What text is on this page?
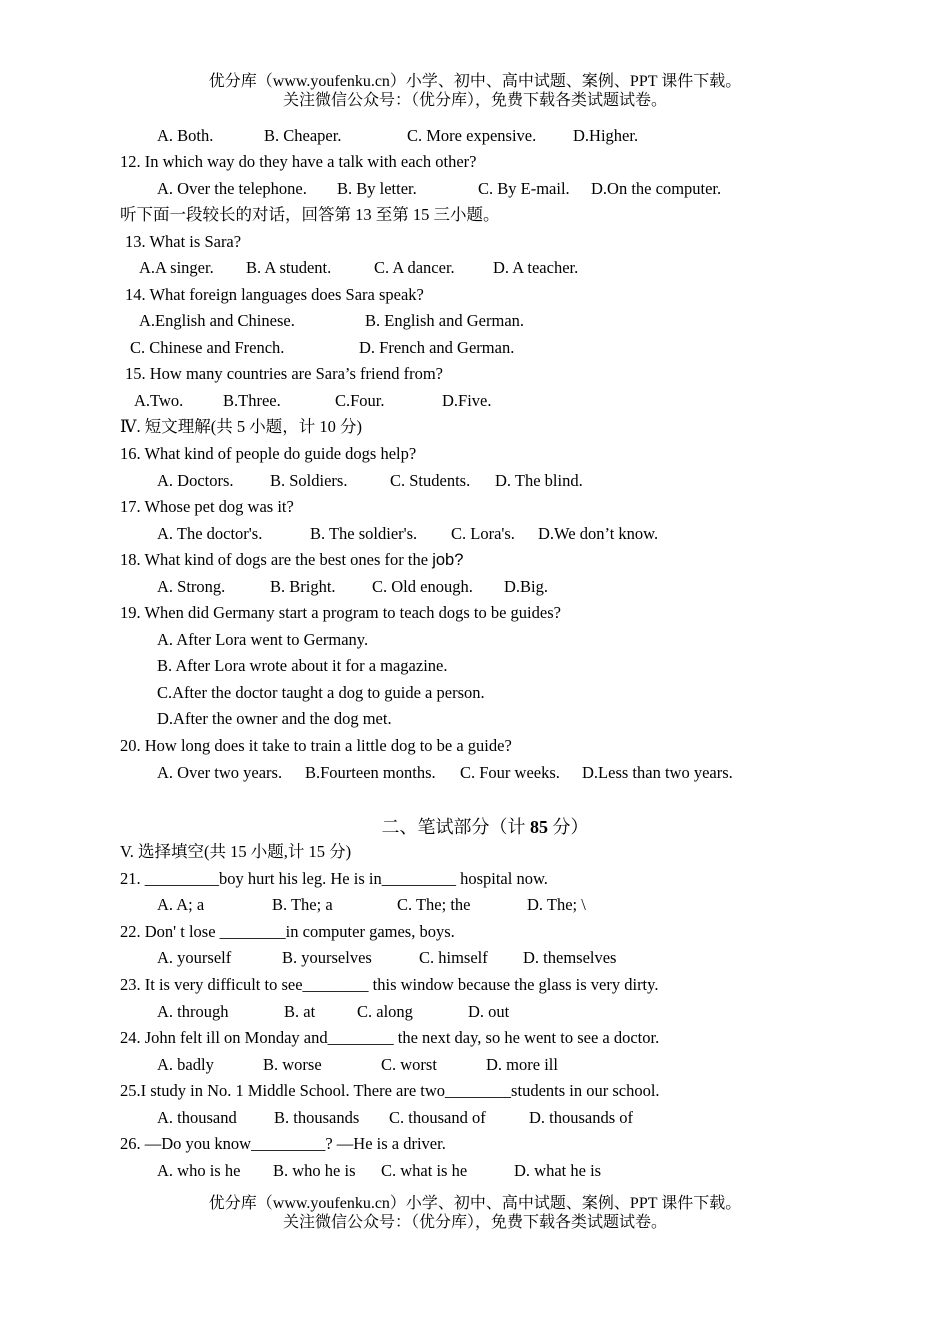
优分库（www.youfenku.cn）小学、初中、高中试题、案例、PPT 课件下载。
关注微信公众号：（优分库），免费下载各类试题试卷。
A. Both.	B. Cheaper.	C. More expensive. D.Higher.
12. In which way do they have a talk with each other?
A. Over the telephone. B. By letter.	C. By E-mail. D.On the computer.
听下面一段较长的对话，回答第 13 至第 15 三小题。
13. What is Sara?
A.A singer. B. A student.	C. A dancer. D. A teacher.
14. What foreign languages does Sara speak?
A.English and Chinese.	B. English and German.
C. Chinese and French.	D. French and German.
15. How many countries are Sara’s friend from?
A.Two. B.Three.	C.Four.	D.Five.
Ⅳ. 短文理解(共 5 小题，计 10 分)
16. What kind of people do guide dogs help?
A. Doctors. B. Soldiers.	C. Students. D. The blind.
17. Whose pet dog was it?
A. The doctor's.	B. The soldier's. C. Lora's. D.We don’t know.
18. What kind of dogs are the best ones for the job?
A. Strong.	B. Bright. C. Old enough. D.Big.
19. When did Germany start a program to teach dogs to be guides?
A. After Lora went to Germany.
B. After Lora wrote about it for a magazine.
C.After the doctor taught a dog to guide a person.
D.After the owner and the dog met.
20. How long does it take to train a little dog to be a guide?
A. Over two years. B.Fourteen months. C. Four weeks. D.Less than two years.
二、笔试部分（计 85 分）
V. 选择填空(共 15 小题,计 15 分)
21. _________boy hurt his leg. He is in_________ hospital now.
A. A; a	B. The; a	C. The; the	D. The; \
22. Don' t lose ________in computer games, boys.
A. yourself	B. yourselves	C. himself D. themselves
23. It is very difficult to see________ this window because the glass is very dirty.
A. through	B. at	C. along	D. out
24. John felt ill on Monday and________ the next day, so he went to see a doctor.
A. badly	B. worse	C. worst	D. more ill
25.I study in No. 1 Middle School. There are two________students in our school.
A. thousand B. thousands C. thousand of	D. thousands of
26. —Do you know_________? —He is a driver.
A. who is he B. who he is C. what is he	D. what he is
优分库（www.youfenku.cn）小学、初中、高中试题、案例、PPT 课件下载。
关注微信公众号：（优分库），免费下载各类试题试卷。
